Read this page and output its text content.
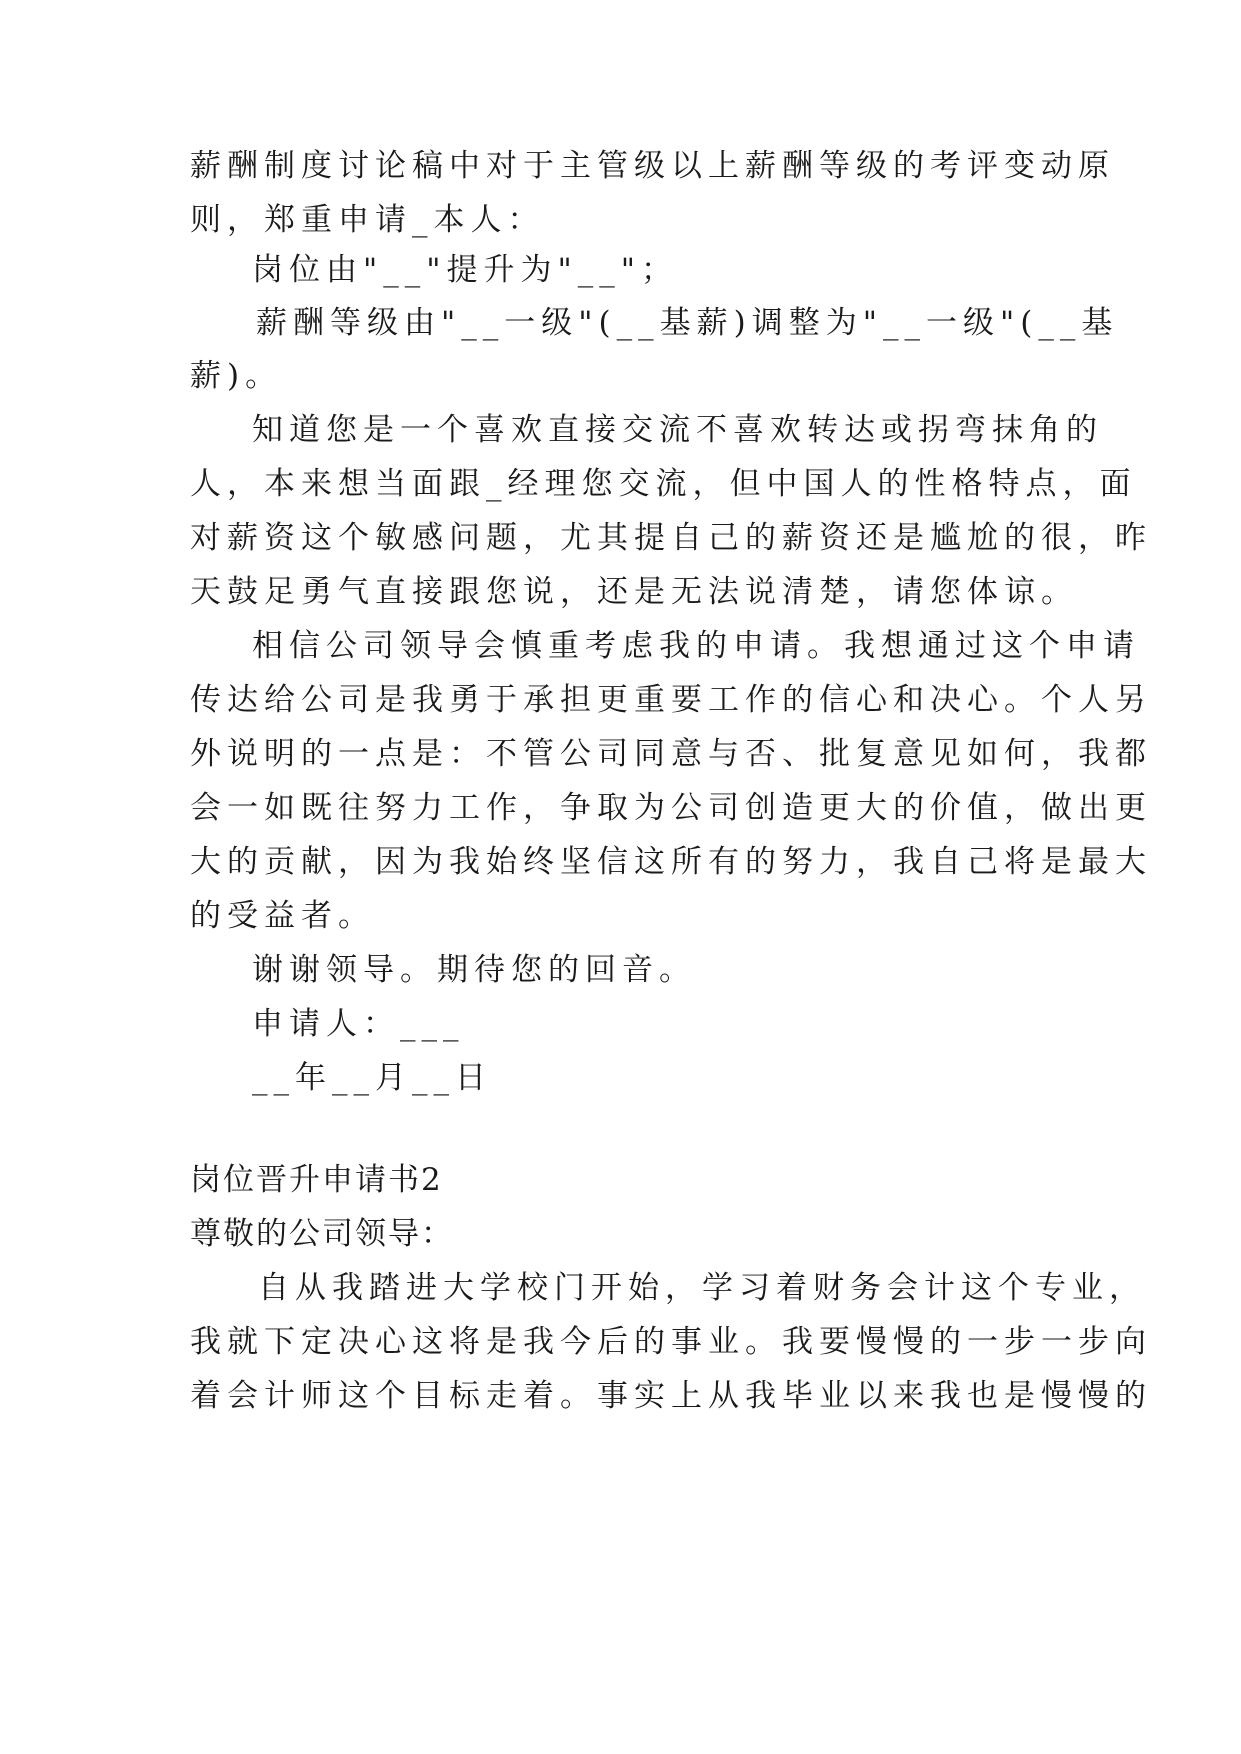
薪酬制度讨论稿中对于主管级以上薪酬等级的考评变动原
则，郑重申请_本人：
岗位由"__"提升为"__"；
薪酬等级由"__一级"(__基薪)调整为"__一级"(__基
薪)。
知道您是一个喜欢直接交流不喜欢转达或拐弯抹角的
人，本来想当面跟_经理您交流，但中国人的性格特点，面
对薪资这个敏感问题，尤其提自己的薪资还是尴尬的很，昨
天鼓足勇气直接跟您说，还是无法说清楚，请您体谅。
相信公司领导会慎重考虑我的申请。我想通过这个申请
传达给公司是我勇于承担更重要工作的信心和决心。个人另
外说明的一点是：不管公司同意与否、批复意见如何，我都
会一如既往努力工作，争取为公司创造更大的价值，做出更
大的贡献，因为我始终坚信这所有的努力，我自己将是最大
的受益者。
谢谢领导。期待您的回音。
申请人：___
__年__月__日
岗位晋升申请书2
尊敬的公司领导：
自从我踏进大学校门开始，学习着财务会计这个专业，
我就下定决心这将是我今后的事业。我要慢慢的一步一步向
着会计师这个目标走着。事实上从我毕业以来我也是慢慢的
